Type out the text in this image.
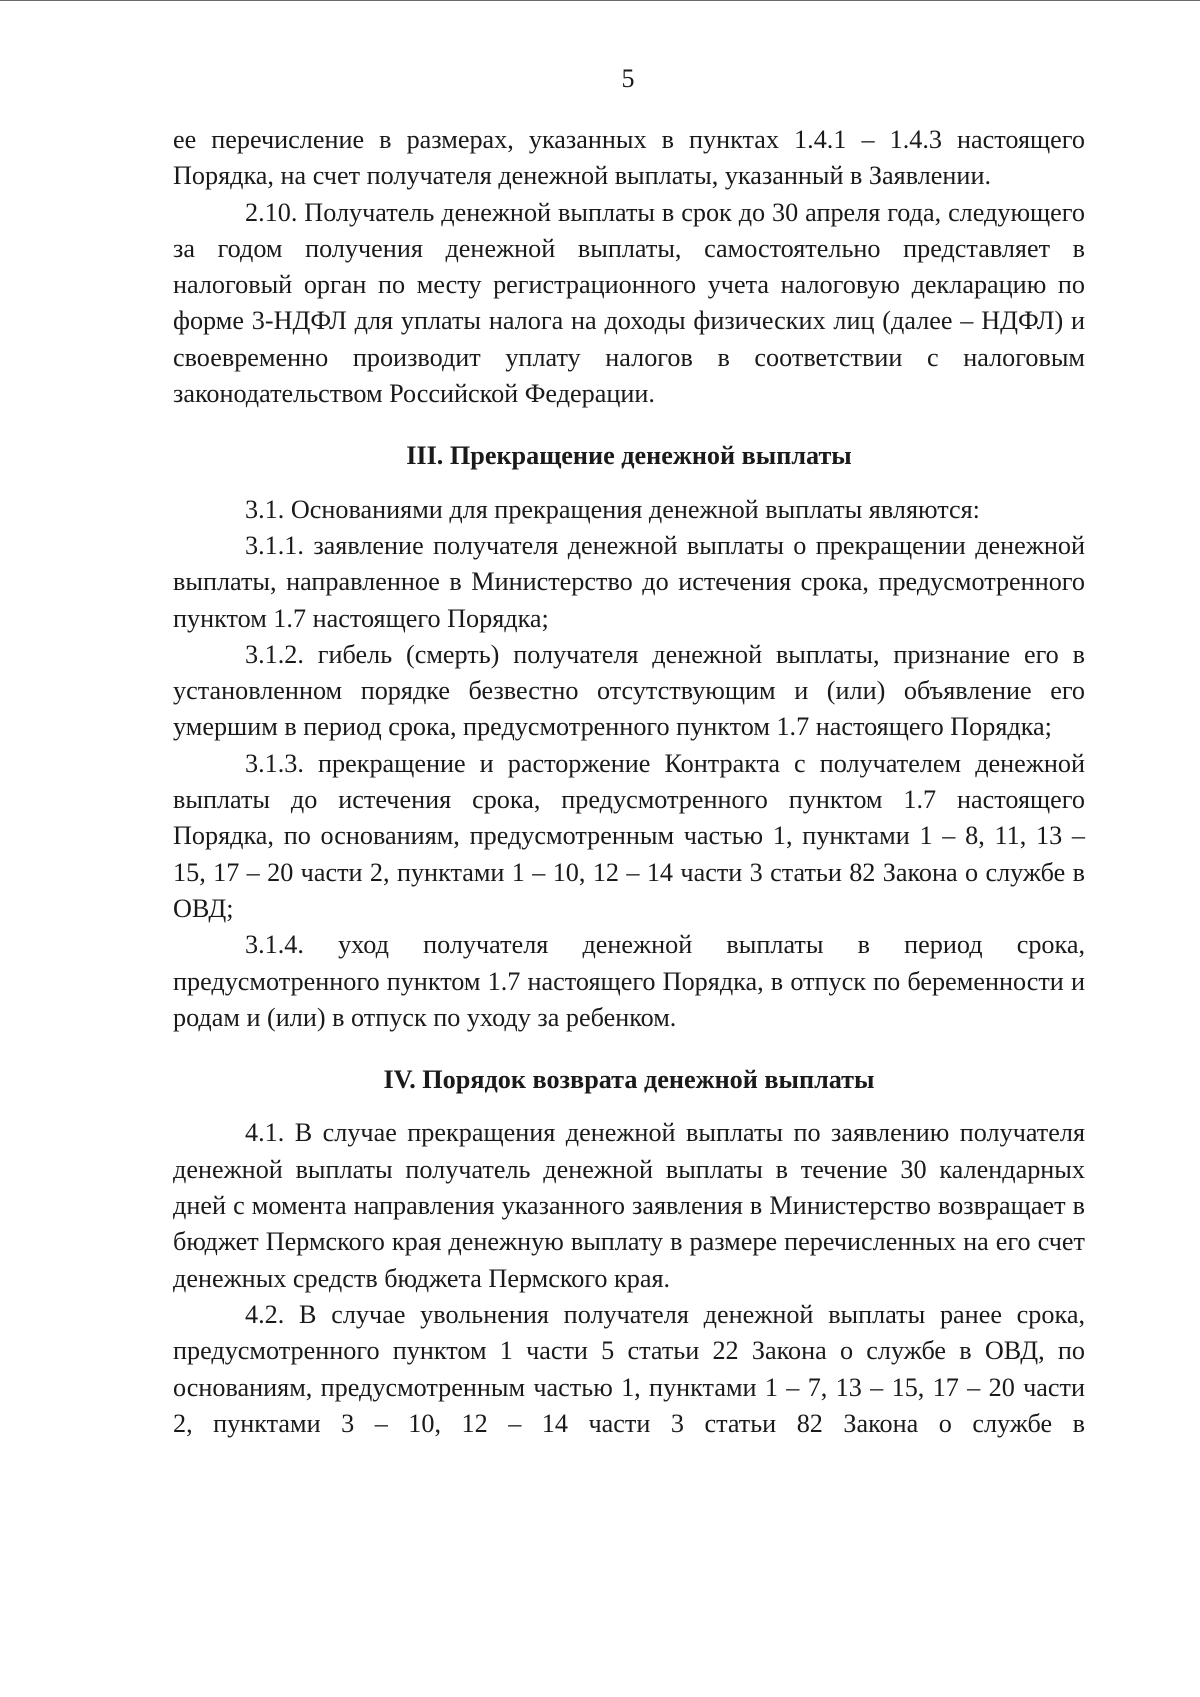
5

ее перечисление в размерах, указанных в пунктах 1.4.1 – 1.4.3 настоящего Порядка, на счет получателя денежной выплаты, указанный в Заявлении.

2.10. Получатель денежной выплаты в срок до 30 апреля года, следующего за годом получения денежной выплаты, самостоятельно представляет в налоговый орган по месту регистрационного учета налоговую декларацию по форме 3-НДФЛ для уплаты налога на доходы физических лиц (далее – НДФЛ) и своевременно производит уплату налогов в соответствии с налоговым законодательством Российской Федерации.

III. Прекращение денежной выплаты

3.1. Основаниями для прекращения денежной выплаты являются:

3.1.1. заявление получателя денежной выплаты о прекращении денежной выплаты, направленное в Министерство до истечения срока, предусмотренного пунктом 1.7 настоящего Порядка;

3.1.2. гибель (смерть) получателя денежной выплаты, признание его в установленном порядке безвестно отсутствующим и (или) объявление его умершим в период срока, предусмотренного пунктом 1.7 настоящего Порядка;

3.1.3. прекращение и расторжение Контракта с получателем денежной выплаты до истечения срока, предусмотренного пунктом 1.7 настоящего Порядка, по основаниям, предусмотренным частью 1, пунктами 1 – 8, 11, 13 – 15, 17 – 20 части 2, пунктами 1 – 10, 12 – 14 части 3 статьи 82 Закона о службе в ОВД;

3.1.4. уход получателя денежной выплаты в период срока, предусмотренного пунктом 1.7 настоящего Порядка, в отпуск по беременности и родам и (или) в отпуск по уходу за ребенком.

IV. Порядок возврата денежной выплаты

4.1. В случае прекращения денежной выплаты по заявлению получателя денежной выплаты получатель денежной выплаты в течение 30 календарных дней с момента направления указанного заявления в Министерство возвращает в бюджет Пермского края денежную выплату в размере перечисленных на его счет денежных средств бюджета Пермского края.

4.2. В случае увольнения получателя денежной выплаты ранее срока, предусмотренного пунктом 1 части 5 статьи 22 Закона о службе в ОВД, по основаниям, предусмотренным частью 1, пунктами 1 – 7, 13 – 15, 17 – 20 части 2, пунктами 3 – 10, 12 – 14 части 3 статьи 82 Закона о службе в
